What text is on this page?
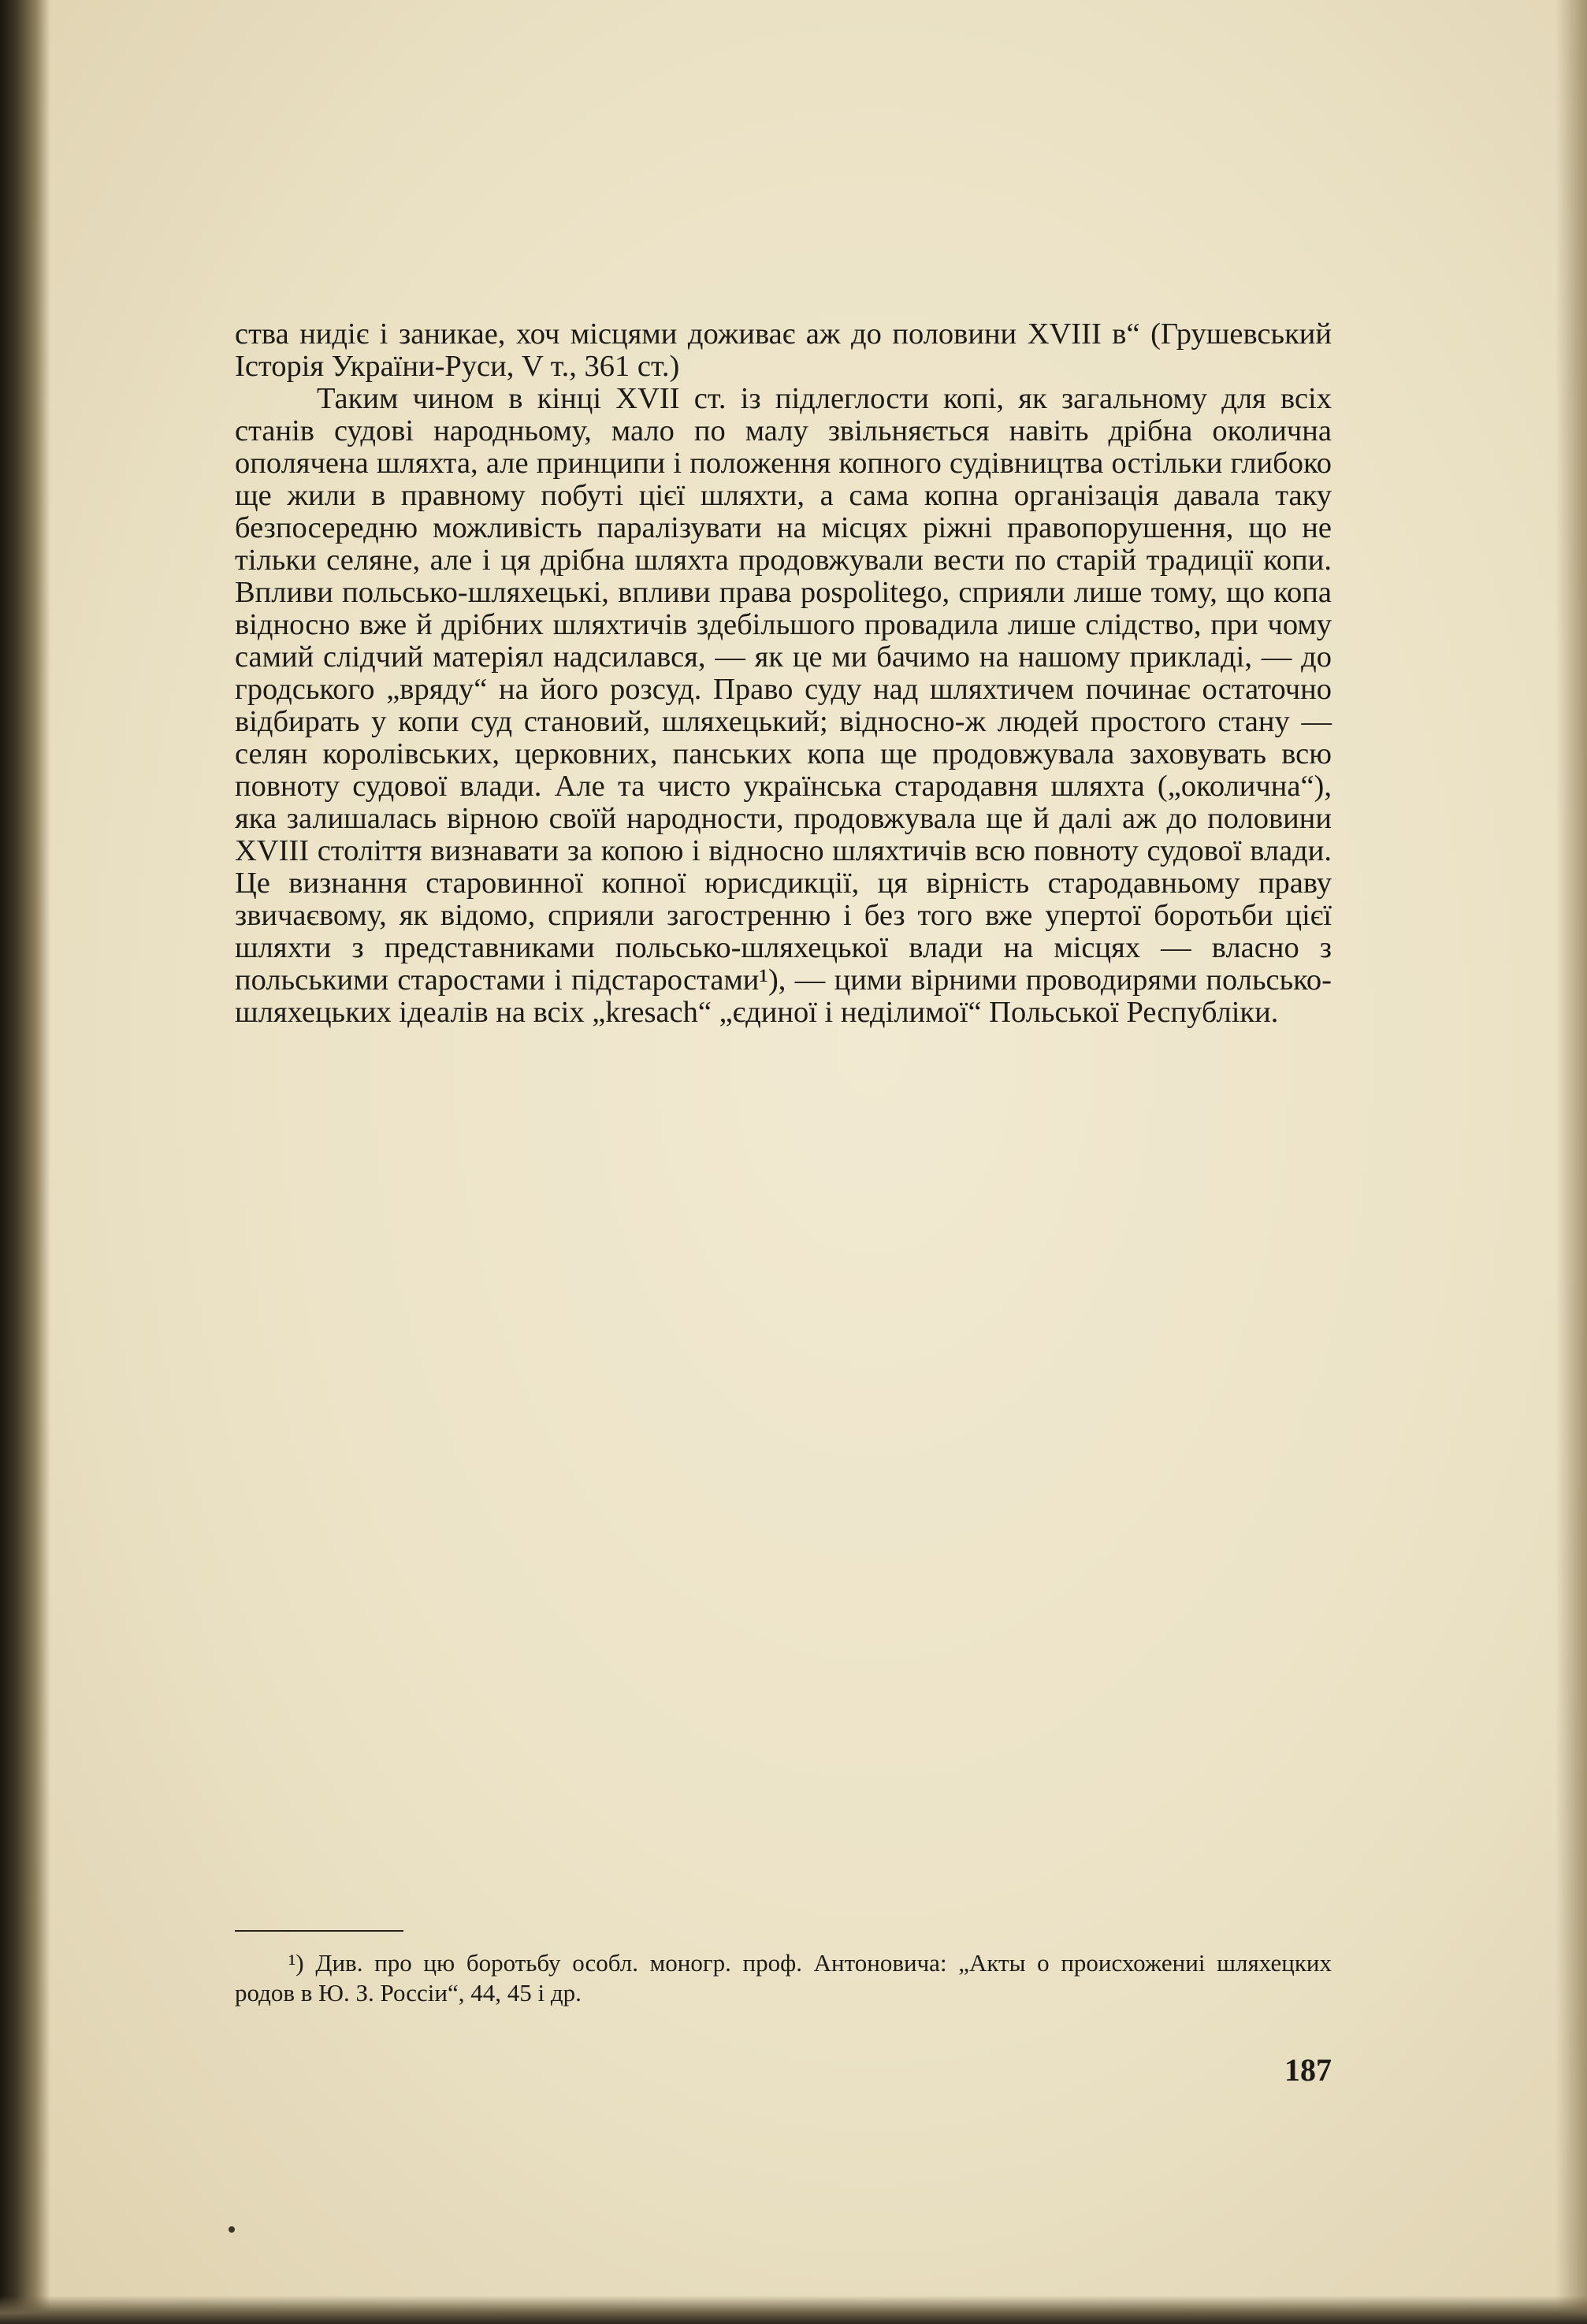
ства нидіє і заникае, хоч місцями доживає аж до половини XVIII в“ (Грушевський Історія України-Руси, V т., 361 ст.)

Таким чином в кінці XVII ст. із підлеглости копі, як загальному для всіх станів судові народньому, мало по малу звільняється навіть дрібна околична ополячена шляхта, але принципи і положення копного судівництва остільки глибоко ще жили в правному побуті цієї шляхти, а сама копна організація давала таку безпосередню можливість паралізувати на місцях ріжні правопорушення, що не тільки селяне, але і ця дрібна шляхта продовжували вести по старій традиції копи. Впливи польсько-шляхецькі, впливи права pospolitego, сприяли лише тому, що копа відносно вже й дрібних шляхтичів здебільшого провадила лише слідство, при чому самий слідчий матеріял надсилався, — як це ми бачимо на нашому прикладі, — до гродського „вряду“ на його розсуд. Право суду над шляхтичем починає остаточно відбирать у копи суд становий, шляхецький; відносно-ж людей простого стану — селян королівських, церковних, панських копа ще продовжувала заховувать всю повноту судової влади. Але та чисто українська стародавня шляхта („околична“), яка залишалась вірною своїй народности, продовжувала ще й далі аж до половини XVIII століття визнавати за копою і відносно шляхтичів всю повноту судової влади. Це визнання старовинної копної юрисдикції, ця вірність стародавньому праву звичаєвому, як відомо, сприяли загостренню і без того вже упертої боротьби цієї шляхти з представниками польсько-шляхецької влади на місцях — власно з польськими старостами і підстаростами¹), — цими вірними проводирями польсько-шляхецьких ідеалів на всіх „kresach“ „єдиної і неділимої“ Польської Республіки.

¹) Див. про цю боротьбу особл. моногр. проф. Антоновича: „Акты о происхожениі шляхецких родов в Ю. З. Россіи“, 44, 45 і др.

187
